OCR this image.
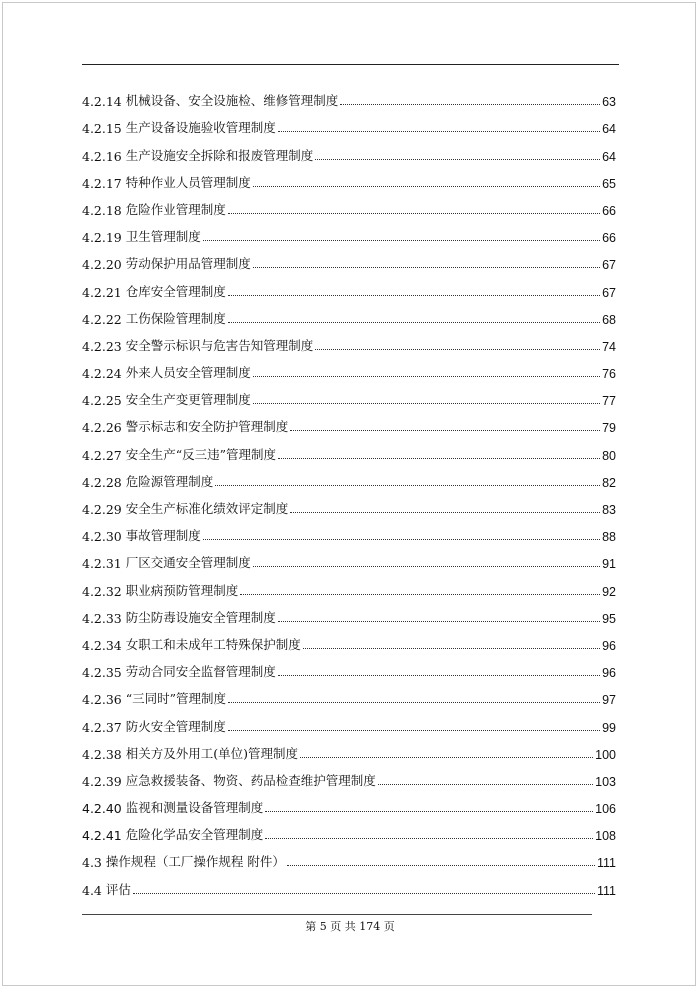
4.2.14 机械设备、安全设施检、维修管理制度	63
4.2.15 生产设备设施验收管理制度	64
4.2.16 生产设施安全拆除和报废管理制度	64
4.2.17 特种作业人员管理制度	65
4.2.18 危险作业管理制度	66
4.2.19 卫生管理制度	66
4.2.20 劳动保护用品管理制度	67
4.2.21 仓库安全管理制度	67
4.2.22 工伤保险管理制度	68
4.2.23 安全警示标识与危害告知管理制度	74
4.2.24 外来人员安全管理制度	76
4.2.25 安全生产变更管理制度	77
4.2.26 警示标志和安全防护管理制度	79
4.2.27 安全生产“反三违”管理制度	80
4.2.28 危险源管理制度	82
4.2.29 安全生产标准化绩效评定制度	83
4.2.30 事故管理制度	88
4.2.31 厂区交通安全管理制度	91
4.2.32 职业病预防管理制度	92
4.2.33 防尘防毒设施安全管理制度	95
4.2.34 女职工和未成年工特殊保护制度	96
4.2.35 劳动合同安全监督管理制度	96
4.2.36 “三同时”管理制度	97
4.2.37 防火安全管理制度	99
4.2.38 相关方及外用工(单位)管理制度	100
4.2.39 应急救援装备、物资、药品检查维护管理制度	103
4.2.40 监视和测量设备管理制度	106
4.2.41 危险化学品安全管理制度	108
4.3 操作规程（工厂操作规程 附件）	111
4.4 评估	111
第 5 页 共 174 页
